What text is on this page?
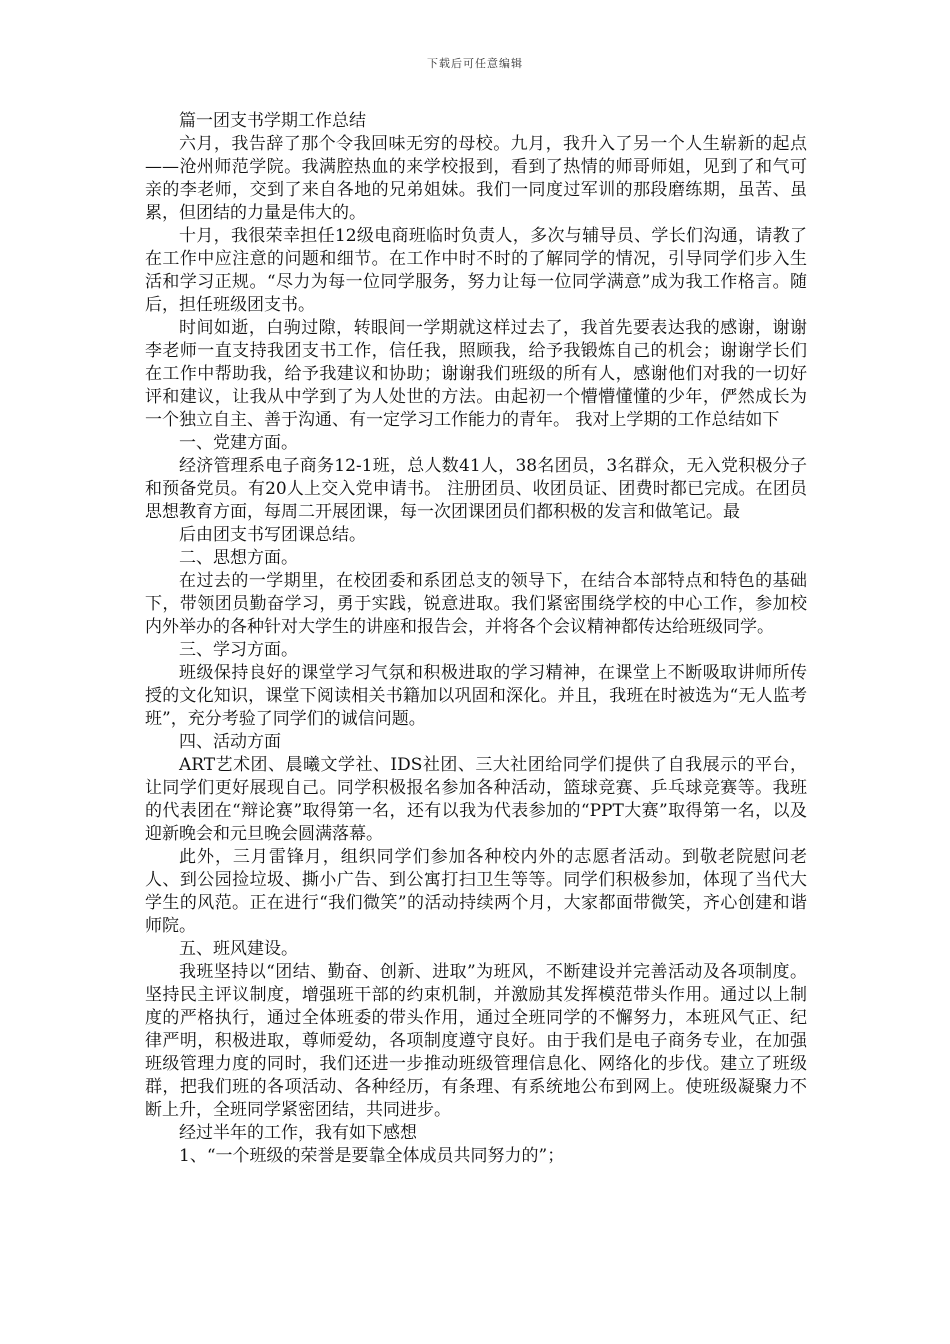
下载后可任意编辑

篇一团支书学期工作总结

六月，我告辞了那个令我回味无穷的母校。九月，我升入了另一个人生崭新的起点——沧州师范学院。我满腔热血的来学校报到，看到了热情的师哥师姐，见到了和气可亲的李老师，交到了来自各地的兄弟姐妹。我们一同度过军训的那段磨练期，虽苦、虽累，但团结的力量是伟大的。

十月，我很荣幸担任12级电商班临时负责人，多次与辅导员、学长们沟通，请教了在工作中应注意的问题和细节。在工作中时不时的了解同学的情况，引导同学们步入生活和学习正规。“尽力为每一位同学服务，努力让每一位同学满意”成为我工作格言。随后，担任班级团支书。

时间如逝，白驹过隙，转眼间一学期就这样过去了，我首先要表达我的感谢，谢谢李老师一直支持我团支书工作，信任我，照顾我，给予我锻炼自己的机会；谢谢学长们在工作中帮助我，给予我建议和协助；谢谢我们班级的所有人，感谢他们对我的一切好评和建议，让我从中学到了为人处世的方法。由起初一个懵懵懂懂的少年，俨然成长为一个独立自主、善于沟通、有一定学习工作能力的青年。 我对上学期的工作总结如下

一、党建方面。

经济管理系电子商务12-1班，总人数41人，38名团员，3名群众，无入党积极分子和预备党员。有20人上交入党申请书。 注册团员、收团员证、团费时都已完成。在团员思想教育方面，每周二开展团课，每一次团课团员们都积极的发言和做笔记。最

后由团支书写团课总结。

二、思想方面。

在过去的一学期里，在校团委和系团总支的领导下，在结合本部特点和特色的基础下，带领团员勤奋学习，勇于实践，锐意进取。我们紧密围绕学校的中心工作，参加校内外举办的各种针对大学生的讲座和报告会，并将各个会议精神都传达给班级同学。

三、学习方面。

班级保持良好的课堂学习气氛和积极进取的学习精神，在课堂上不断吸取讲师所传授的文化知识，课堂下阅读相关书籍加以巩固和深化。并且，我班在时被选为“无人监考班”，充分考验了同学们的诚信问题。

四、活动方面

ART艺术团、晨曦文学社、IDS社团、三大社团给同学们提供了自我展示的平台，让同学们更好展现自己。同学积极报名参加各种活动，篮球竞赛、乒乓球竞赛等。我班的代表团在“辩论赛”取得第一名，还有以我为代表参加的“PPT大赛”取得第一名，以及迎新晚会和元旦晚会圆满落幕。

此外，三月雷锋月，组织同学们参加各种校内外的志愿者活动。到敬老院慰问老人、到公园捡垃圾、撕小广告、到公寓打扫卫生等等。同学们积极参加，体现了当代大学生的风范。正在进行“我们微笑”的活动持续两个月，大家都面带微笑，齐心创建和谐师院。

五、班风建设。

我班坚持以“团结、勤奋、创新、进取”为班风，不断建设并完善活动及各项制度。坚持民主评议制度，增强班干部的约束机制，并激励其发挥模范带头作用。通过以上制度的严格执行，通过全体班委的带头作用，通过全班同学的不懈努力，本班风气正、纪律严明，积极进取，尊师爱幼，各项制度遵守良好。由于我们是电子商务专业，在加强班级管理力度的同时，我们还进一步推动班级管理信息化、网络化的步伐。建立了班级群，把我们班的各项活动、各种经历，有条理、有系统地公布到网上。使班级凝聚力不断上升，全班同学紧密团结，共同进步。

经过半年的工作，我有如下感想

1、“一个班级的荣誉是要靠全体成员共同努力的”；
